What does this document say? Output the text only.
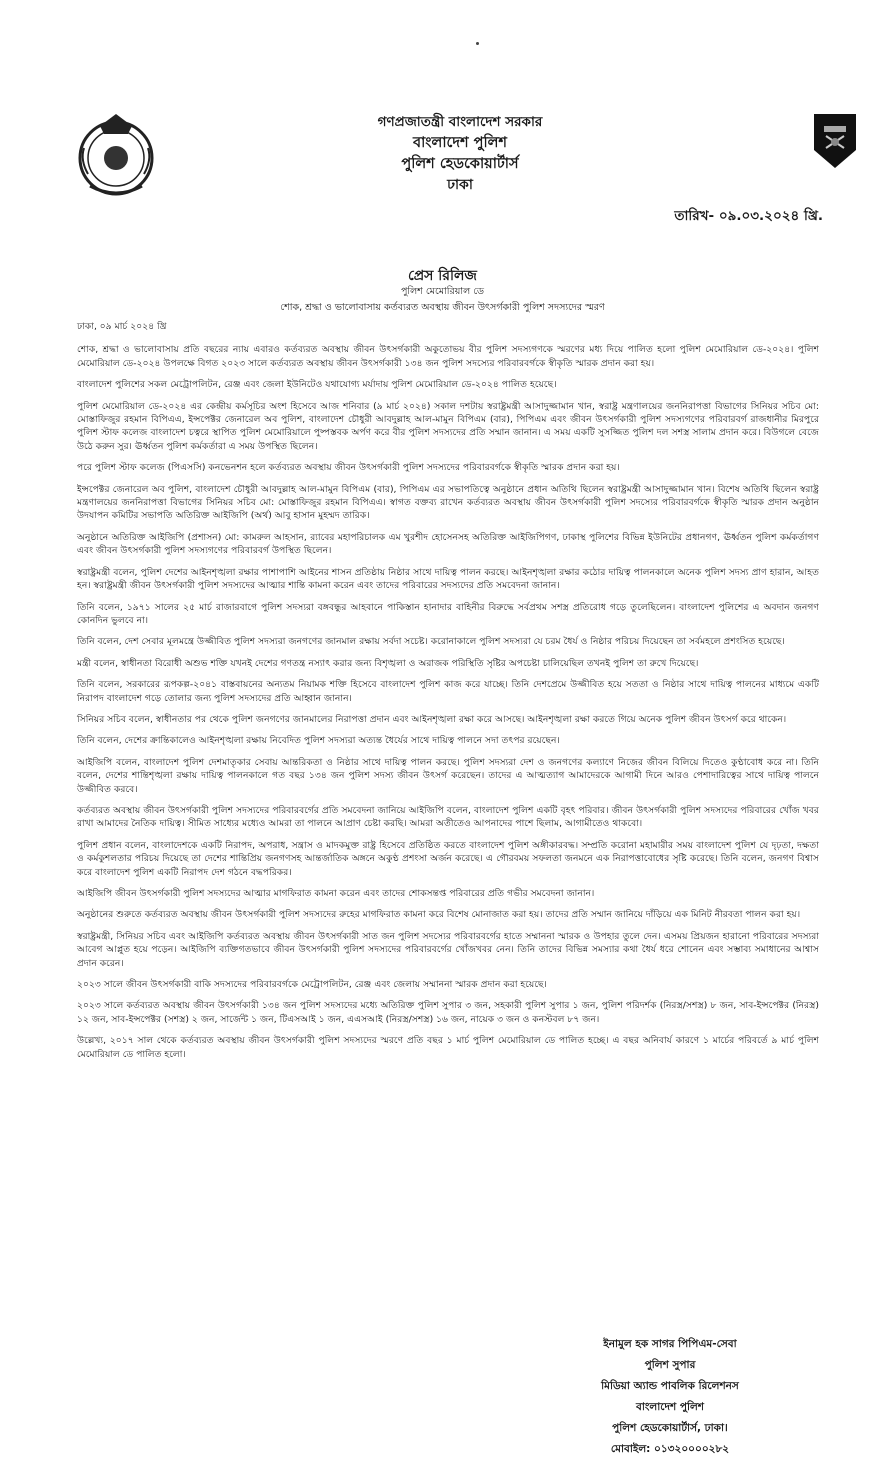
গণপ্রজাতন্ত্রী বাংলাদেশ সরকার
বাংলাদেশ পুলিশ
পুলিশ হেডকোয়ার্টার্স
ঢাকা
তারিখ- ০৯.০৩.২০২৪ খ্রি.
প্রেস রিলিজ
পুলিশ মেমোরিয়াল ডে
শোক, শ্রদ্ধা ও ভালোবাসায় কর্তব্যরত অবস্থায় জীবন উৎসর্গকারী পুলিশ সদস্যদের স্মরণ

ঢাকা, ০৯ মার্চ ২০২৪ খ্রি

শোক, শ্রদ্ধা ও ভালোবাসায় প্রতি বছরের ন্যায় এবারও কর্তব্যরত অবস্থায় জীবন উৎসর্গকারী অকুতোভয় বীর পুলিশ সদস্যগণকে স্মরণের মধ্য দিয়ে পালিত হলো পুলিশ মেমোরিয়াল ডে-২০২৪। পুলিশ মেমোরিয়াল ডে-২০২৪ উপলক্ষে বিগত ২০২৩ সালে কর্তব্যরত অবস্থায় জীবন উৎসর্গকারী ১৩৪ জন পুলিশ সদস্যের পরিবারবর্গকে স্বীকৃতি স্মারক প্রদান করা হয়।

বাংলাদেশ পুলিশের সকল মেট্রোপলিটন, রেঞ্জ এবং জেলা ইউনিটেও যথাযোগ্য মর্যাদায় পুলিশ মেমোরিয়াল ডে-২০২৪ পালিত হয়েছে।

পুলিশ মেমোরিয়াল ডে-২০২৪ এর কেন্দ্রীয় কর্মসূচির অংশ হিসেবে আজ শনিবার (৯ মার্চ ২০২৪) সকাল দশটায় স্বরাষ্ট্রমন্ত্রী আসাদুজ্জামান খান, স্বরাষ্ট্র মন্ত্রণালয়ের জননিরাপত্তা বিভাগের সিনিয়র সচিব মো: মোস্তাফিজুর রহমান বিপিএএ, ইন্সপেক্টর জেনারেল অব পুলিশ, বাংলাদেশ চৌধুরী আবদুল্লাহ আল-মামুন বিপিএম (বার), পিপিএম এবং জীবন উৎসর্গকারী পুলিশ সদস্যগণের পরিবারবর্গ রাজধানীর মিরপুরে পুলিশ স্টাফ কলেজ বাংলাদেশ চত্বরে স্থাপিত পুলিশ মেমোরিয়ালে পুষ্পস্তবক অর্পণ করে বীর পুলিশ সদস্যদের প্রতি সম্মান জানান। এ সময় একটি সুসজ্জিত পুলিশ দল সশস্ত্র সালাম প্রদান করে। বিউগলে বেজে উঠে করুন সুর। ঊর্ধ্বতন পুলিশ কর্মকর্তারা এ সময় উপস্থিত ছিলেন।

পরে পুলিশ স্টাফ কলেজ (পিএসসি) কনভেনশন হলে কর্তব্যরত অবস্থায় জীবন উৎসর্গকারী পুলিশ সদস্যদের পরিবারবর্গকে স্বীকৃতি স্মারক প্রদান করা হয়।

ইন্সপেক্টর জেনারেল অব পুলিশ, বাংলাদেশ চৌধুরী আবদুল্লাহ আল-মামুন বিপিএম (বার), পিপিএম এর সভাপতিত্বে অনুষ্ঠানে প্রধান অতিথি ছিলেন স্বরাষ্ট্রমন্ত্রী আসাদুজ্জামান খান। বিশেষ অতিথি ছিলেন স্বরাষ্ট্র মন্ত্রণালয়ের জননিরাপত্তা বিভাগের সিনিয়র সচিব মো: মোস্তাফিজুর রহমান বিপিএএ। স্বাগত বক্তব্য রাখেন কর্তব্যরত অবস্থায় জীবন উৎসর্গকারী পুলিশ সদস্যের পরিবারবর্গকে স্বীকৃতি স্মারক প্রদান অনুষ্ঠান উদযাপন কমিটির সভাপতি অতিরিক্ত আইজিপি (অর্থ) আবু হাসান মুহম্মদ তারিক।

অনুষ্ঠানে অতিরিক্ত আইজিপি (প্রশাসন) মো: কামরুল আহসান, র‍্যাবের মহাপরিচালক এম খুরশীদ হোসেনসহ অতিরিক্ত আইজিপিগণ, ঢাকাস্থ পুলিশের বিভিন্ন ইউনিটের প্রধানগণ, ঊর্ধ্বতন পুলিশ কর্মকর্তাগণ এবং জীবন উৎসর্গকারী পুলিশ সদস্যগণের পরিবারবর্গ উপস্থিত ছিলেন।

স্বরাষ্ট্রমন্ত্রী বলেন, পুলিশ দেশের আইনশৃঙ্খলা রক্ষার পাশাপাশি আইনের শাসন প্রতিষ্ঠায় নিষ্ঠার সাথে দায়িত্ব পালন করছে। আইনশৃঙ্খলা রক্ষার কঠোর দায়িত্ব পালনকালে অনেক পুলিশ সদস্য প্রাণ হারান, আহত হন। স্বরাষ্ট্রমন্ত্রী জীবন উৎসর্গকারী পুলিশ সদস্যদের আত্মার শান্তি কামনা করেন এবং তাদের পরিবারের সদস্যদের প্রতি সমবেদনা জানান।

তিনি বলেন, ১৯৭১ সালের ২৫ মার্চ রাজারবাগে পুলিশ সদস্যরা বঙ্গবন্ধুর আহবানে পাকিস্তান হানাদার বাহিনীর বিরুদ্ধে সর্বপ্রথম সশস্ত্র প্রতিরোধ গড়ে তুলেছিলেন। বাংলাদেশ পুলিশের এ অবদান জনগণ কোনদিন ভুলবে না।

তিনি বলেন, দেশ সেবার মূলমন্ত্রে উজ্জীবিত পুলিশ সদস্যরা জনগণের জানমাল রক্ষায় সর্বদা সচেষ্ট। করোনাকালে পুলিশ সদস্যরা যে চরম ধৈর্য ও নিষ্ঠার পরিচয় দিয়েছেন তা সর্বমহলে প্রশংসিত হয়েছে।

মন্ত্রী বলেন, স্বাধীনতা বিরোধী অশুভ শক্তি যখনই দেশের গণতন্ত্র নস্যাৎ করার জন্য বিশৃঙ্খলা ও অরাজক পরিস্থিতি সৃষ্টির অপচেষ্টা চালিয়েছিল তখনই পুলিশ তা রুখে দিয়েছে।

তিনি বলেন, সরকারের রূপকল্প-২০৪১ বাস্তবায়নের অন্যতম নিয়ামক শক্তি হিসেবে বাংলাদেশ পুলিশ কাজ করে যাচ্ছে। তিনি দেশপ্রেমে উজ্জীবিত হয়ে সততা ও নিষ্ঠার সাথে দায়িত্ব পালনের মাধ্যমে একটি নিরাপদ বাংলাদেশ গড়ে তোলার জন্য পুলিশ সদস্যদের প্রতি আহ্বান জানান।

সিনিয়র সচিব বলেন, স্বাধীনতার পর থেকে পুলিশ জনগণের জানমালের নিরাপত্তা প্রদান এবং আইনশৃঙ্খলা রক্ষা করে আসছে। আইনশৃঙ্খলা রক্ষা করতে গিয়ে অনেক পুলিশ জীবন উৎসর্গ করে থাকেন।

তিনি বলেন, দেশের ক্রান্তিকালেও আইনশৃঙ্খলা রক্ষায় নিবেদিত পুলিশ সদস্যরা অত্যন্ত ধৈর্যের সাথে দায়িত্ব পালনে সদা তৎপর রয়েছেন।

আইজিপি বলেন, বাংলাদেশ পুলিশ দেশমাতৃকার সেবায় আন্তরিকতা ও নিষ্ঠার সাথে দায়িত্ব পালন করছে। পুলিশ সদস্যরা দেশ ও জনগণের কল্যাণে নিজের জীবন বিলিয়ে দিতেও কুণ্ঠাবোধ করে না। তিনি বলেন, দেশের শান্তিশৃঙ্খলা রক্ষায় দায়িত্ব পালনকালে গত বছর ১৩৪ জন পুলিশ সদস্য জীবন উৎসর্গ করেছেন। তাদের এ আত্মত্যাগ আমাদেরকে আগামী দিনে আরও পেশাদারিত্বের সাথে দায়িত্ব পালনে উজ্জীবিত করবে।

কর্তব্যরত অবস্থায় জীবন উৎসর্গকারী পুলিশ সদস্যদের পরিবারবর্গের প্রতি সমবেদনা জানিয়ে আইজিপি বলেন, বাংলাদেশ পুলিশ একটি বৃহৎ পরিবার। জীবন উৎসর্গকারী পুলিশ সদস্যদের পরিবারের খোঁজ খবর রাখা আমাদের নৈতিক দায়িত্ব। সীমিত সাধ্যের মধ্যেও আমরা তা পালনে আপ্রাণ চেষ্টা করছি। আমরা অতীতেও আপনাদের পাশে ছিলাম, আগামীতেও থাকবো।

পুলিশ প্রধান বলেন, বাংলাদেশকে একটি নিরাপদ, অপরাধ, সন্ত্রাস ও মাদকমুক্ত রাষ্ট্র হিসেবে প্রতিষ্ঠিত করতে বাংলাদেশ পুলিশ অঙ্গীকারবদ্ধ। সম্প্রতি করোনা মহামারীর সময় বাংলাদেশ পুলিশ যে দৃঢ়তা, দক্ষতা ও কর্মকুশলতার পরিচয় দিয়েছে তা দেশের শান্তিপ্রিয় জনগণসহ আন্তর্জাতিক অঙ্গনে অকুণ্ঠ প্রশংসা অর্জন করেছে। এ গৌরবময় সফলতা জনমনে এক নিরাপত্তাবোধের সৃষ্টি করেছে। তিনি বলেন, জনগণ বিশ্বাস করে বাংলাদেশ পুলিশ একটি নিরাপদ দেশ গঠনে বদ্ধপরিকর।

আইজিপি জীবন উৎসর্গকারী পুলিশ সদস্যদের আত্মার মাগফিরাত কামনা করেন এবং তাদের শোকসন্তপ্ত পরিবারের প্রতি গভীর সমবেদনা জানান।

অনুষ্ঠানের শুরুতে কর্তব্যরত অবস্থায় জীবন উৎসর্গকারী পুলিশ সদস্যদের রুহের মাগফিরাত কামনা করে বিশেষ মোনাজাত করা হয়। তাদের প্রতি সম্মান জানিয়ে দাঁড়িয়ে এক মিনিট নীরবতা পালন করা হয়।

স্বরাষ্ট্রমন্ত্রী, সিনিয়র সচিব এবং আইজিপি কর্তব্যরত অবস্থায় জীবন উৎসর্গকারী সাত জন পুলিশ সদস্যের পরিবারবর্গের হাতে সম্মাননা স্মারক ও উপহার তুলে দেন। এসময় প্রিয়জন হারানো পরিবারের সদস্যরা আবেগ আপ্লুত হয়ে পড়েন। আইজিপি ব্যক্তিগতভাবে জীবন উৎসর্গকারী পুলিশ সদস্যদের পরিবারবর্গের খোঁজখবর নেন। তিনি তাদের বিভিন্ন সমস্যার কথা ধৈর্য ধরে শোনেন এবং সম্ভাব্য সমাধানের আশ্বাস প্রদান করেন।

২০২৩ সালে জীবন উৎসর্গকারী বাকি সদস্যদের পরিবারবর্গকে মেট্রোপলিটন, রেঞ্জ এবং জেলায় সম্মাননা স্মারক প্রদান করা হয়েছে।

২০২৩ সালে কর্তব্যরত অবস্থায় জীবন উৎসর্গকারী ১৩৪ জন পুলিশ সদস্যদের মধ্যে অতিরিক্ত পুলিশ সুপার ৩ জন, সহকারী পুলিশ সুপার ১ জন, পুলিশ পরিদর্শক (নিরস্ত্র/সশস্ত্র) ৮ জন, সাব-ইন্সপেক্টর (নিরস্ত্র) ১২ জন, সাব-ইন্সপেক্টর (সশস্ত্র) ২ জন, সার্জেন্ট ১ জন, টিএসআই ১ জন, এএসআই (নিরস্ত্র/সশস্ত্র) ১৬ জন, নায়েক ৩ জন ও কনস্টবল ৮৭ জন।

উল্লেখ্য, ২০১৭ সাল থেকে কর্তব্যরত অবস্থায় জীবন উৎসর্গকারী পুলিশ সদস্যদের স্মরণে প্রতি বছর ১ মার্চ পুলিশ মেমোরিয়াল ডে পালিত হচ্ছে। এ বছর অনিবার্য কারণে ১ মার্চের পরিবর্তে ৯ মার্চ পুলিশ মেমোরিয়াল ডে পালিত হলো।

ইনামুল হক সাগর পিপিএম-সেবা
পুলিশ সুপার
মিডিয়া অ্যান্ড পাবলিক রিলেশনস
বাংলাদেশ পুলিশ
পুলিশ হেডকোয়ার্টার্স, ঢাকা।
মোবাইল: ০১৩২০০০০২৮২
